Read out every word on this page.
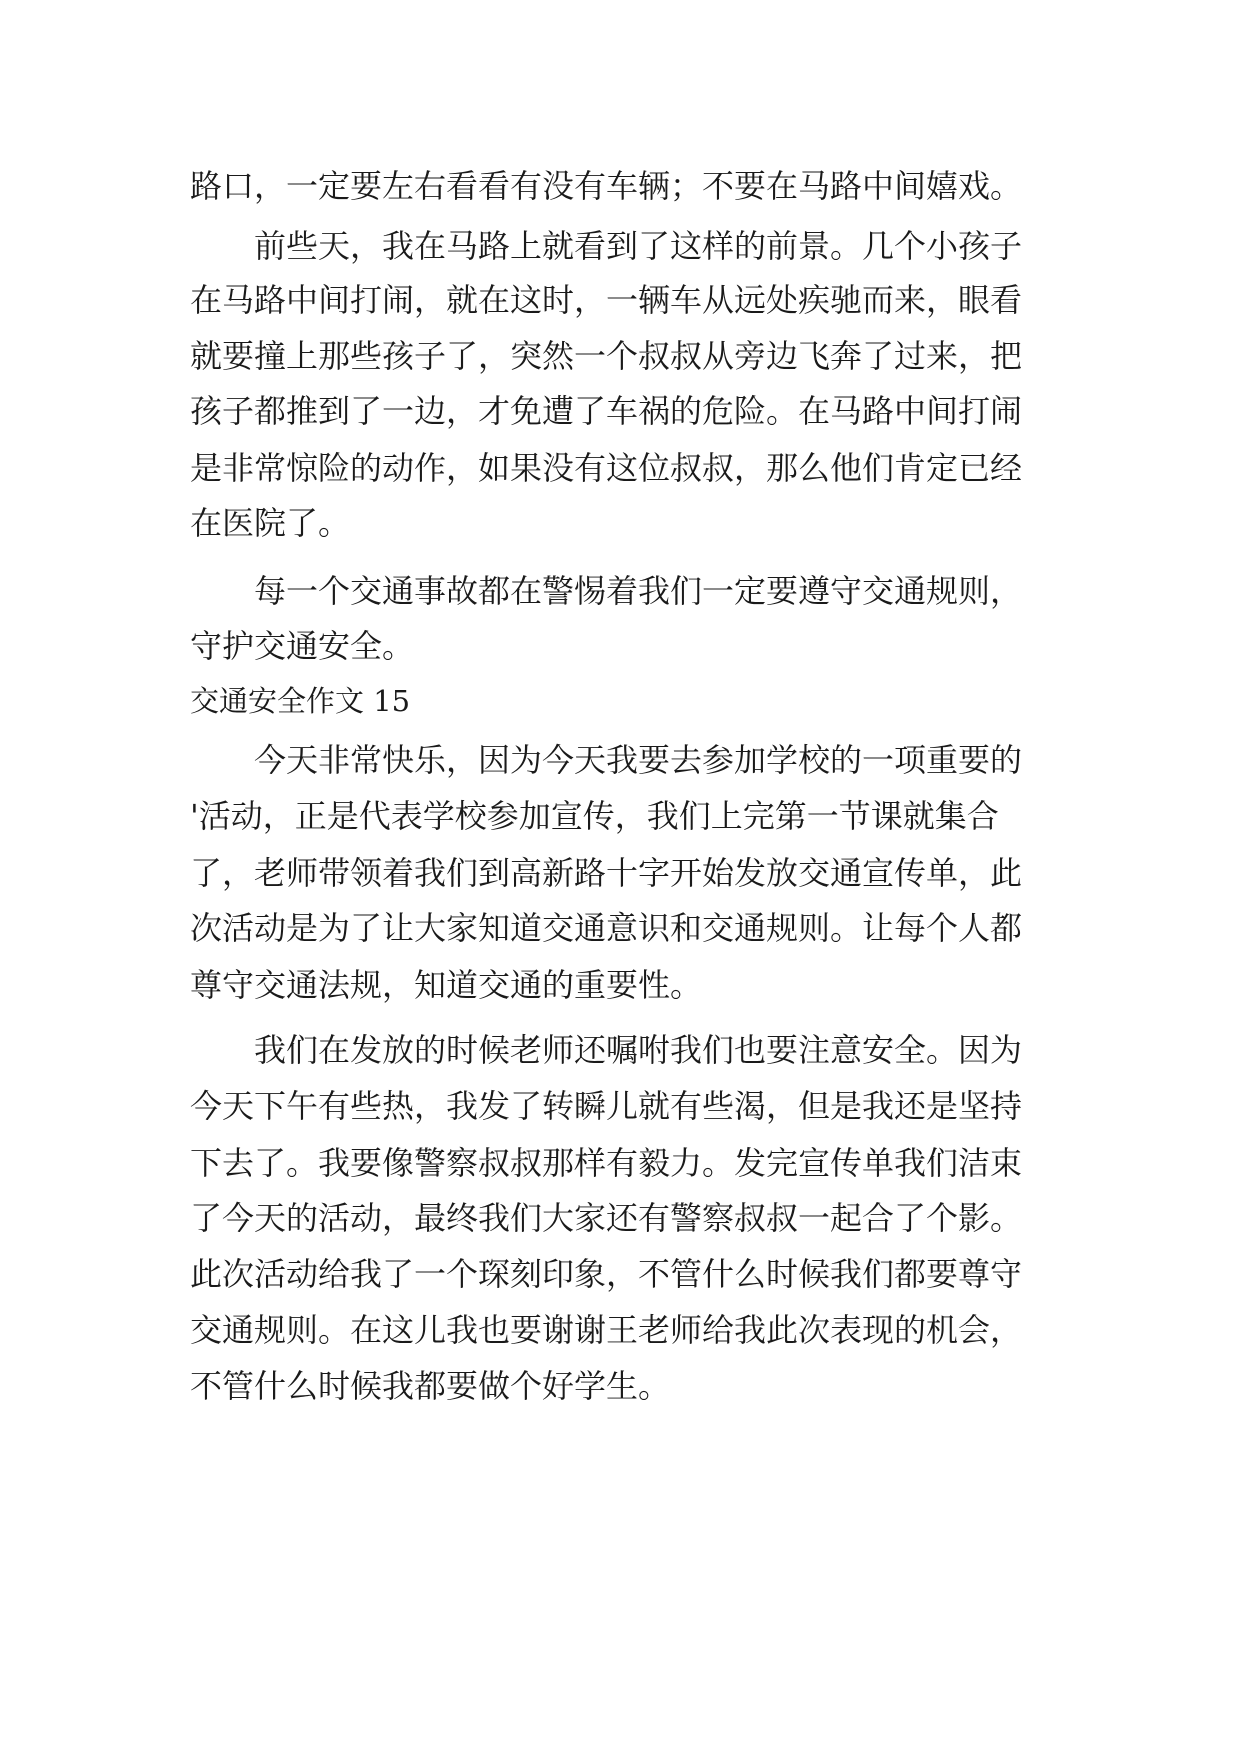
路口，一定要左右看看有没有车辆；不要在马路中间嬉戏。
前些天，我在马路上就看到了这样的前景。几个小孩子
在马路中间打闹，就在这时，一辆车从远处疾驰而来，眼看
就要撞上那些孩子了，突然一个叔叔从旁边飞奔了过来，把
孩子都推到了一边，才免遭了车祸的危险。在马路中间打闹
是非常惊险的动作，如果没有这位叔叔，那么他们肯定已经
在医院了。
每一个交通事故都在警惕着我们一定要遵守交通规则，
守护交通安全。
交通安全作文 15
今天非常快乐，因为今天我要去参加学校的一项重要的
'活动，正是代表学校参加宣传，我们上完第一节课就集合
了，老师带领着我们到高新路十字开始发放交通宣传单，此
次活动是为了让大家知道交通意识和交通规则。让每个人都
尊守交通法规，知道交通的重要性。
我们在发放的时候老师还嘱咐我们也要注意安全。因为
今天下午有些热，我发了转瞬儿就有些渴，但是我还是坚持
下去了。我要像警察叔叔那样有毅力。发完宣传单我们洁束
了今天的活动，最终我们大家还有警察叔叔一起合了个影。
此次活动给我了一个琛刻印象，不管什么时候我们都要尊守
交通规则。在这儿我也要谢谢王老师给我此次表现的机会，
不管什么时候我都要做个好学生。
